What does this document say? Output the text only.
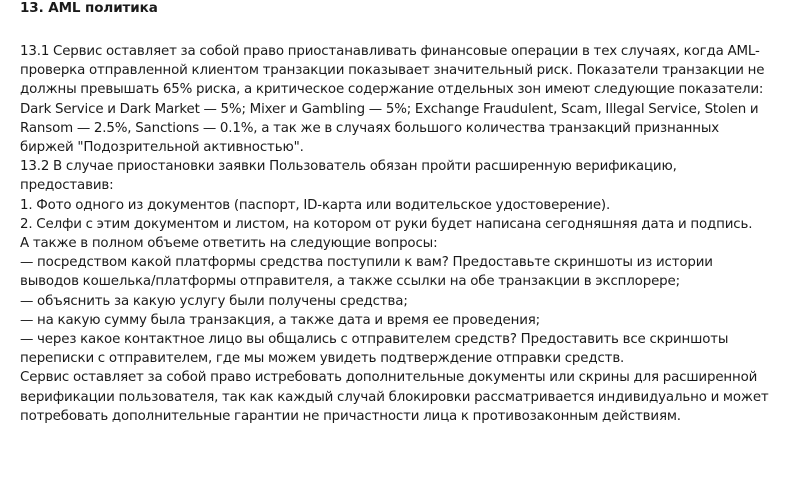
13. AML политика

13.1 Сервис оставляет за собой право приостанавливать финансовые операции в тех случаях, когда AML-проверка отправленной клиентом транзакции показывает значительный риск. Показатели транзакции не должны превышать 65% риска, а критическое содержание отдельных зон имеют следующие показатели: Dark Service и Dark Market — 5%; Mixer и Gambling — 5%; Exchange Fraudulent, Scam, Illegal Service, Stolen и Ransom — 2.5%, Sanctions — 0.1%, а так же в случаях большого количества транзакций признанных биржей "Подозрительной активностью".

13.2 В случае приостановки заявки Пользователь обязан пройти расширенную верификацию, предоставив:

1. Фото одного из документов (паспорт, ID-карта или водительское удостоверение).

2. Селфи с этим документом и листом, на котором от руки будет написана сегодняшняя дата и подпись.

А также в полном объеме ответить на следующие вопросы:

— посредством какой платформы средства поступили к вам? Предоставьте скриншоты из истории выводов кошелька/платформы отправителя, а также ссылки на обе транзакции в эксплорере;

— объяснить за какую услугу были получены средства;

— на какую сумму была транзакция, а также дата и время ее проведения;

— через какое контактное лицо вы общались с отправителем средств? Предоставить все скриншоты переписки с отправителем, где мы можем увидеть подтверждение отправки средств.

Сервис оставляет за собой право истребовать дополнительные документы или скрины для расширенной верификации пользователя, так как каждый случай блокировки рассматривается индивидуально и может потребовать дополнительные гарантии не причастности лица к противозаконным действиям.
